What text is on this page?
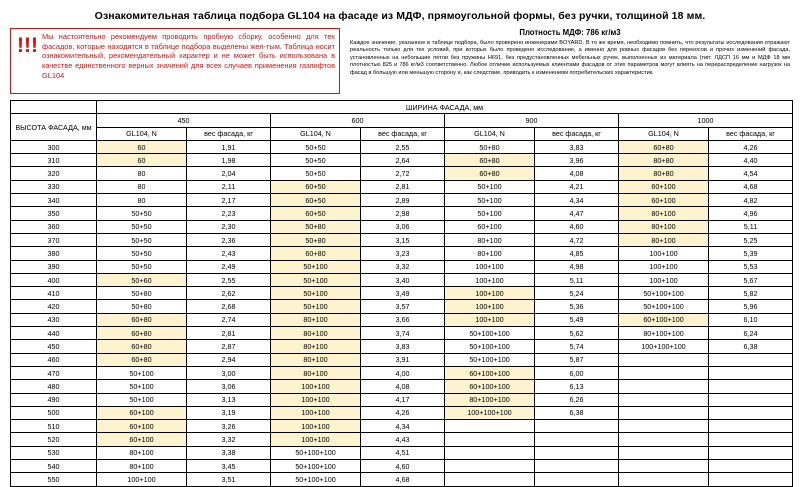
Ознакомительная таблица подбора GL104 на фасаде из МДФ, прямоугольной формы, без ручки, толщиной 18 мм.
!!! Мы настоятельно рекомендуем проводить пробную сборку, особенно для тех фасадов, которые находятся в таблице подбора выделены жел-тым. Таблица носит ознакомительный, рекомендательный характер и не может быть использована в качестве единственного верных значений для всех случаев применения газлифтов GL104
Плотность МДФ: 786 кг/м3
Каждое значение, указанное в таблице подбора, было проверено инженерами BOYARD. В то же время, необходимо помнить, что результаты исследования отражают реальность только для тех условий, при которых было проведено исследование, а именно для ровных фасадов без перекосов и прочих изменений фасада, установленных на небольшие петли без пружины H691, без предустановленных мебельных ручек, выполненных из материала (тип: ЛДСП 16 мм и МДФ 18 мм плотностью 825 и 786 кг/м3 соответственно. Любое отличие используемых клиентами фасадов от этих параметров могут влиять на перераспределение нагрузок на фасад в большую или меньшую сторону и, как следствие, приводить к изменениям потребительских характеристик.
	ШИРИНА ФАСАДА, мм							
ВЫСОТА ФАСАДА, мм	450		600		900		1000	
	GL104, N	вес фасада, кг	GL104, N	вес фасада, кг	GL104, N	вес фасада, кг	GL104, N	вес фасада, кг
300	60	1,91	50+50	2,55	50+80	3,83	60+80	4,26
310	60	1,98	50+50	2,64	60+80	3,96	80+80	4,40
320	80	2,04	50+50	2,72	60+80	4,08	80+80	4,54
330	80	2,11	60+50	2,81	50+100	4,21	60+100	4,68
340	80	2,17	60+50	2,89	50+100	4,34	60+100	4,82
350	50+50	2,23	60+50	2,98	50+100	4,47	80+100	4,96
360	50+50	2,30	50+80	3,06	60+100	4,60	80+100	5,11
370	50+50	2,36	50+80	3,15	80+100	4,72	80+100	5,25
380	50+50	2,43	60+80	3,23	80+100	4,85	100+100	5,39
390	50+50	2,49	50+100	3,32	100+100	4,98	100+100	5,53
400	50+60	2,55	50+100	3,40	100+100	5,11	100+100	5,67
410	50+80	2,62	50+100	3,49	100+100	5,24	50+100+100	5,82
420	50+80	2,68	50+100	3,57	100+100	5,36	50+100+100	5,96
430	60+80	2,74	80+100	3,66	100+100	5,49	60+100+100	6,10
440	60+80	2,81	80+100	3,74	50+100+100	5,62	80+100+100	6,24
450	60+80	2,87	80+100	3,83	50+100+100	5,74	100+100+100	6,38
460	60+80	2,94	80+100	3,91	50+100+100	5,87		
470	50+100	3,00	80+100	4,00	60+100+100	6,00		
480	50+100	3,06	100+100	4,08	60+100+100	6,13		
490	50+100	3,13	100+100	4,17	80+100+100	6,26		
500	60+100	3,19	100+100	4,26	100+100+100	6,38		
510	60+100	3,26	100+100	4,34				
520	60+100	3,32	100+100	4,43				
530	80+100	3,38	50+100+100	4,51				
540	80+100	3,45	50+100+100	4,60				
550	100+100	3,51	50+100+100	4,68				
